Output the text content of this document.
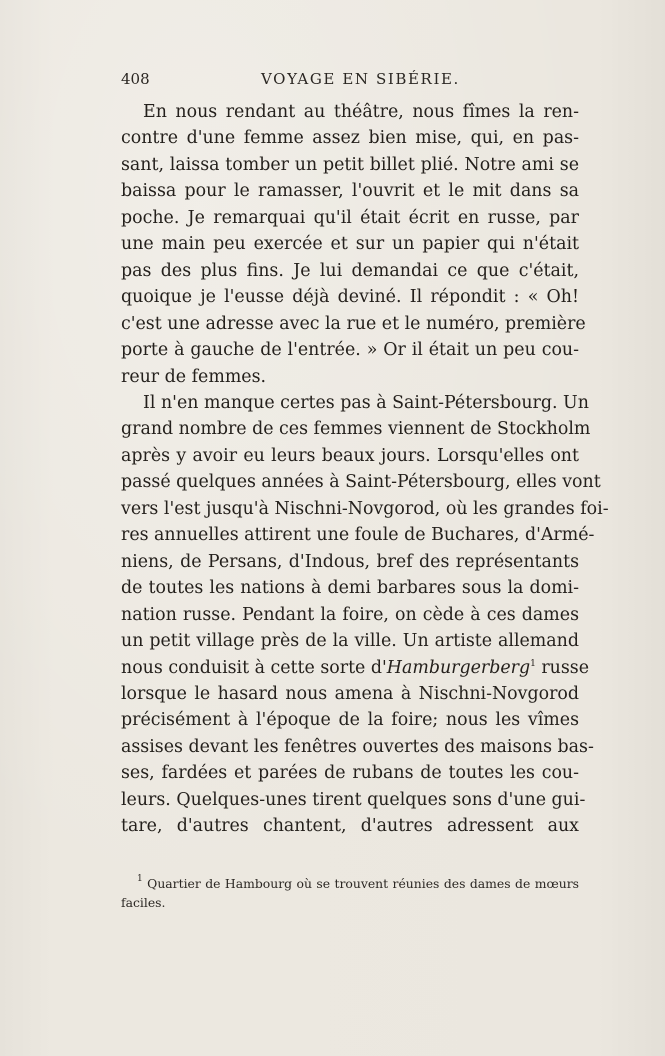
408	VOYAGE EN SIBÉRIE.
En nous rendant au théâtre, nous fîmes la ren-
contre d'une femme assez bien mise, qui, en pas-
sant, laissa tomber un petit billet plié. Notre ami se
baissa pour le ramasser, l'ouvrit et le mit dans sa
poche. Je remarquai qu'il était écrit en russe, par
une main peu exercée et sur un papier qui n'était
pas des plus fins. Je lui demandai ce que c'était,
quoique je l'eusse déjà deviné. Il répondit : « Oh!
c'est une adresse avec la rue et le numéro, première
porte à gauche de l'entrée. » Or il était un peu cou-
reur de femmes.
Il n'en manque certes pas à Saint-Pétersbourg. Un
grand nombre de ces femmes viennent de Stockholm
après y avoir eu leurs beaux jours. Lorsqu'elles ont
passé quelques années à Saint-Pétersbourg, elles vont
vers l'est jusqu'à Nischni-Novgorod, où les grandes foi-
res annuelles attirent une foule de Buchares, d'Armé-
niens, de Persans, d'Indous, bref des représentants
de toutes les nations à demi barbares sous la domi-
nation russe. Pendant la foire, on cède à ces dames
un petit village près de la ville. Un artiste allemand
nous conduisit à cette sorte d'Hamburgerberg$^1$ russe
lorsque le hasard nous amena à Nischni-Novgorod
précisément à l'époque de la foire; nous les vîmes
assises devant les fenêtres ouvertes des maisons bas-
ses, fardées et parées de rubans de toutes les cou-
leurs. Quelques-unes tirent quelques sons d'une gui-
tare, d'autres chantent, d'autres adressent aux
$^1$ Quartier de Hambourg où se trouvent réunies des dames de mœurs
faciles.
